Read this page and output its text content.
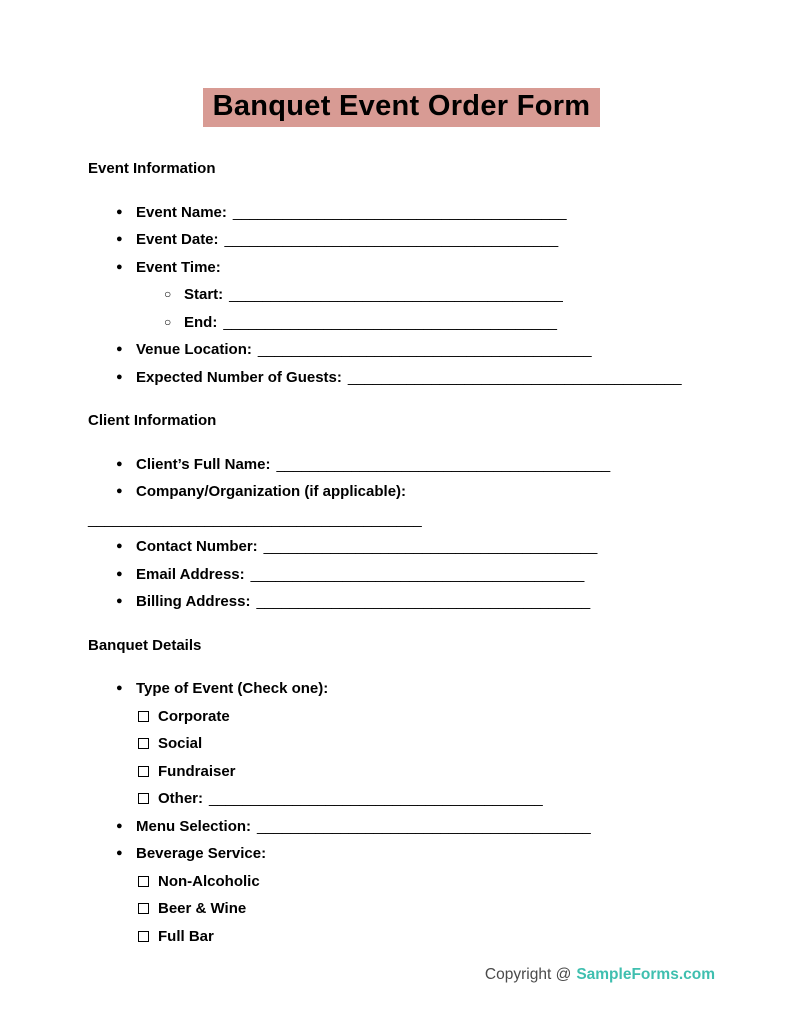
Banquet Event Order Form
Event Information
● Event Name: ________________________________________
● Event Date: ________________________________________
● Event Time:
○ Start: ________________________________________
○ End: ________________________________________
● Venue Location: ________________________________________
● Expected Number of Guests: ________________________________________
Client Information
● Client’s Full Name: ________________________________________
● Company/Organization (if applicable):
________________________________________
● Contact Number: ________________________________________
● Email Address: ________________________________________
● Billing Address: ________________________________________
Banquet Details
● Type of Event (Check one):
Corporate
Social
Fundraiser
Other: ________________________________________
● Menu Selection: ________________________________________
● Beverage Service:
Non-Alcoholic
Beer & Wine
Full Bar
Copyright @ SampleForms.com
